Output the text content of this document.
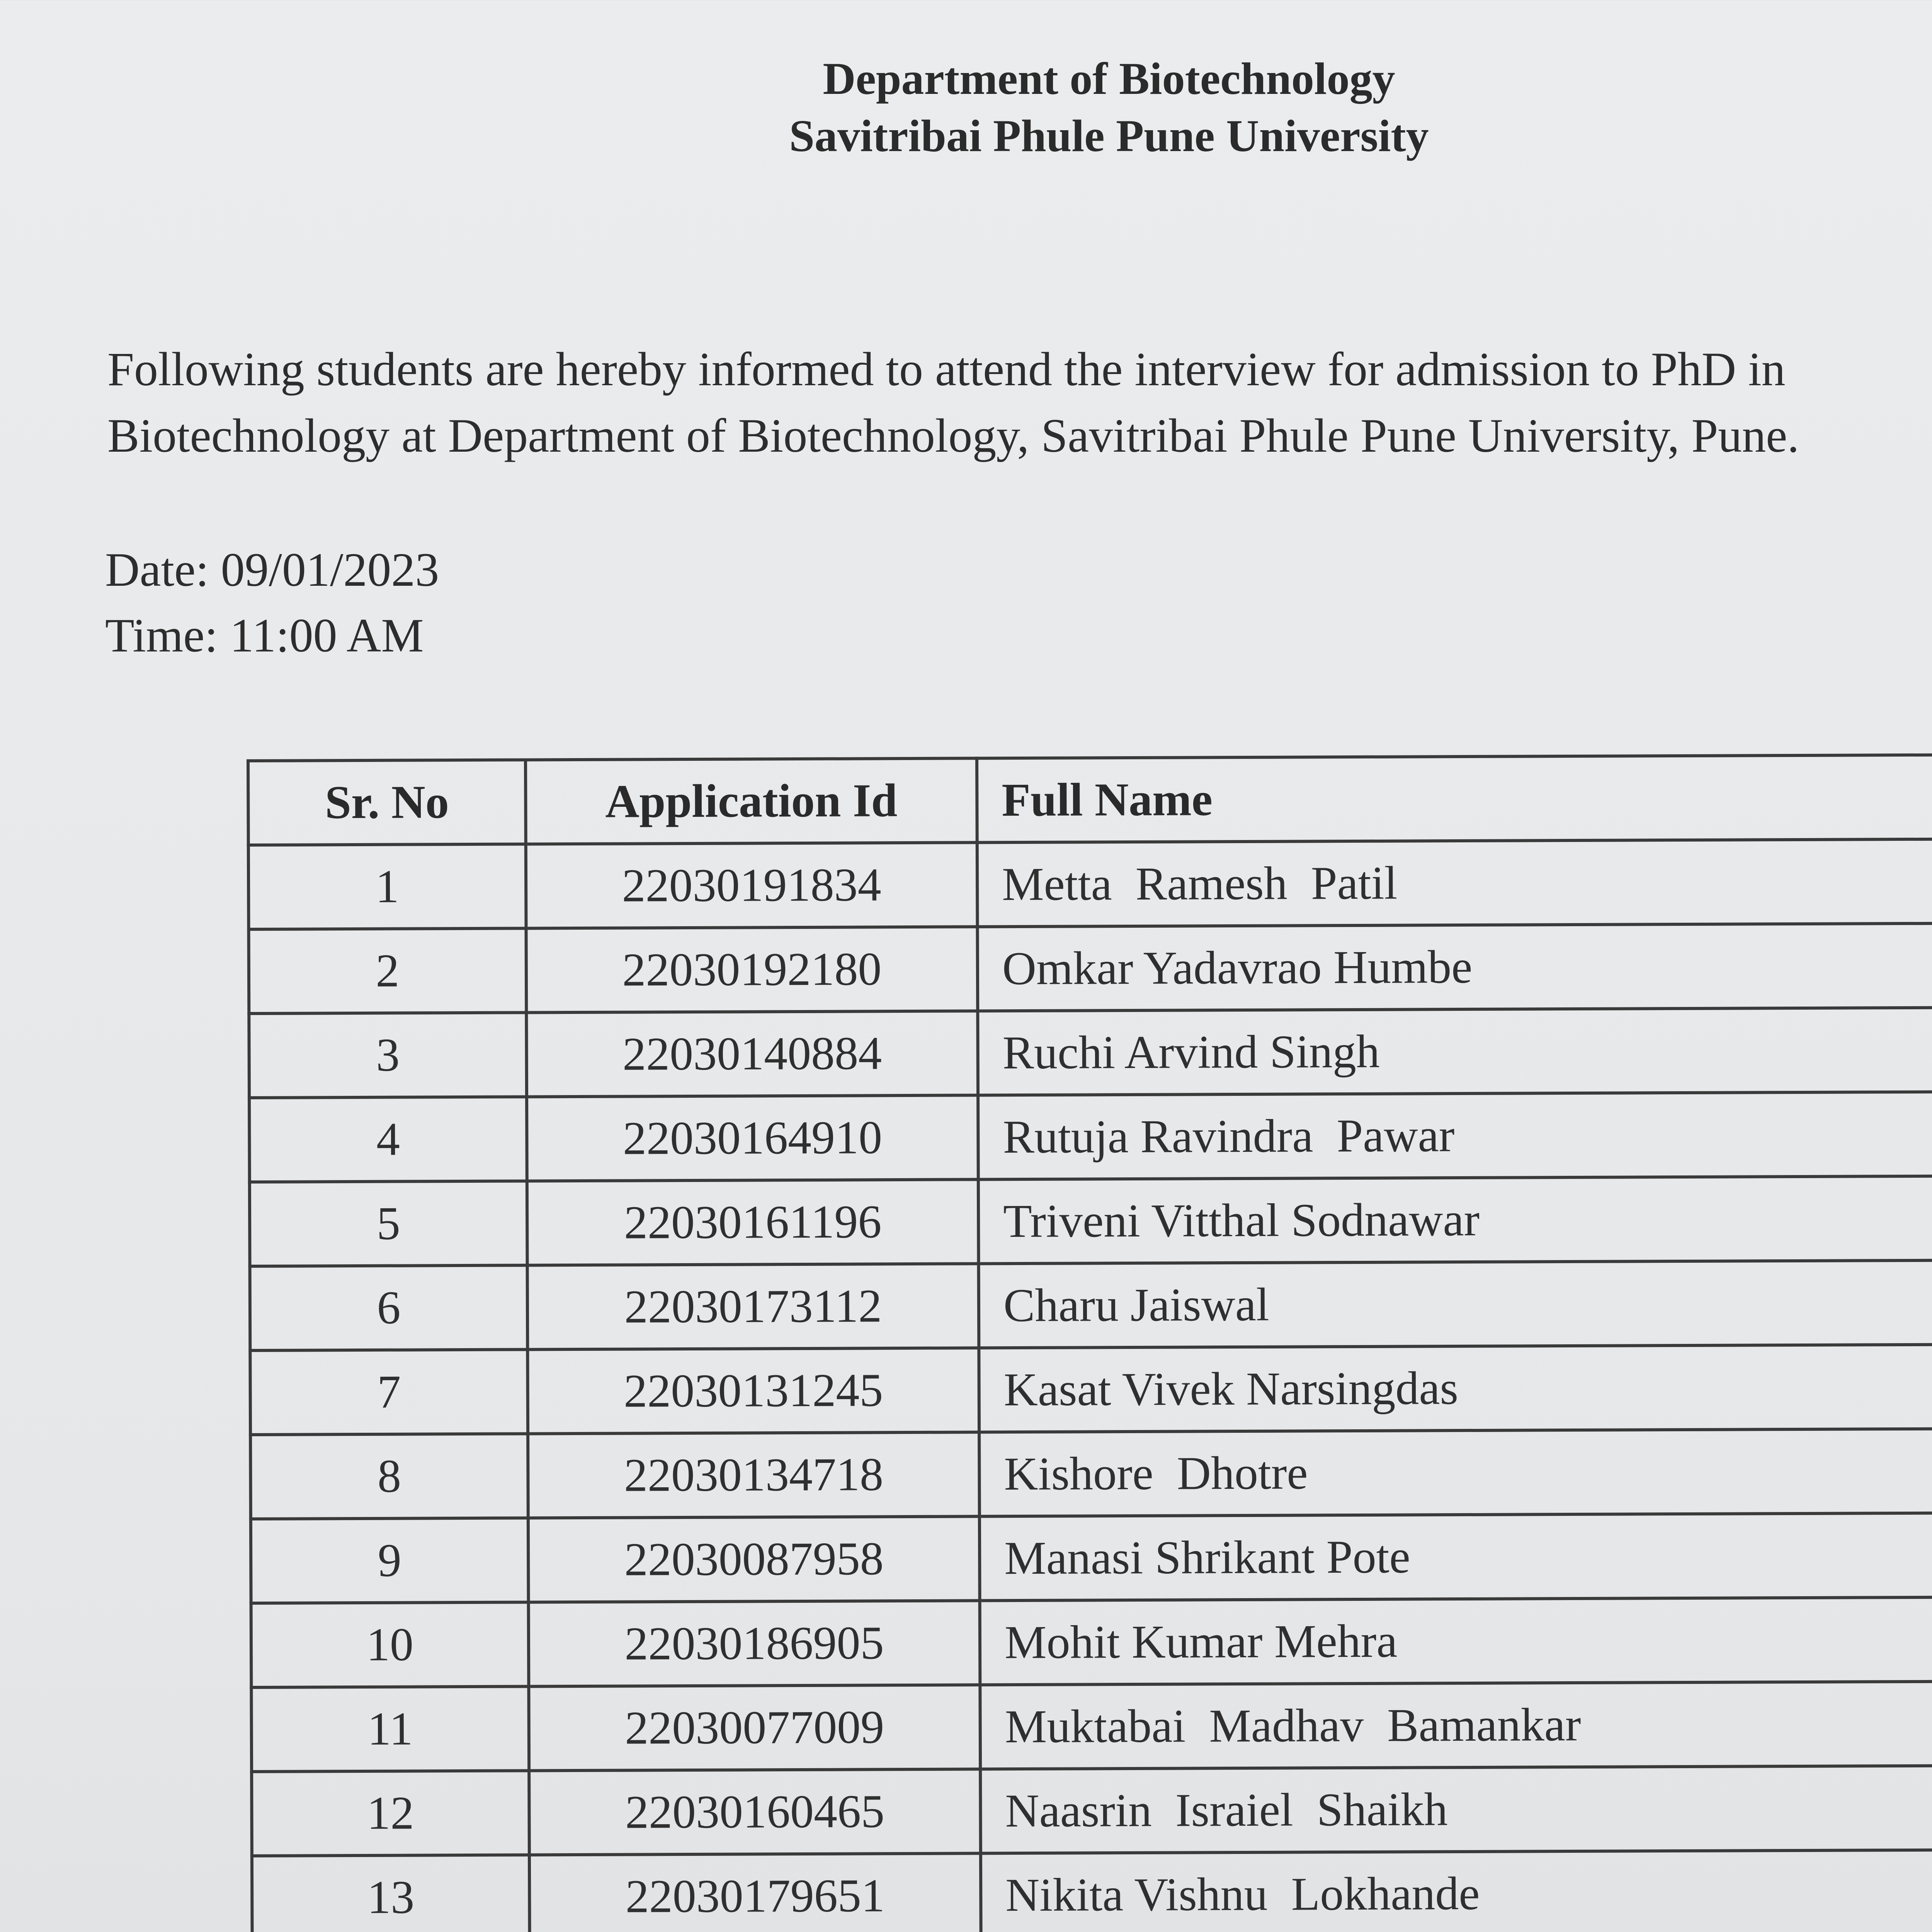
Department of Biotechnology
Savitribai Phule Pune University
Following students are hereby informed to attend the interview for admission to PhD in Biotechnology at Department of Biotechnology, Savitribai Phule Pune University, Pune.
Date: 09/01/2023
Time: 11:00 AM
Sr. No	Application Id	Full Name
1	22030191834	Metta  Ramesh  Patil
2	22030192180	Omkar Yadavrao Humbe
3	22030140884	Ruchi Arvind Singh
4	22030164910	Rutuja Ravindra  Pawar
5	22030161196	Triveni Vitthal Sodnawar
6	22030173112	Charu Jaiswal
7	22030131245	Kasat Vivek Narsingdas
8	22030134718	Kishore  Dhotre
9	22030087958	Manasi Shrikant Pote
10	22030186905	Mohit Kumar Mehra
11	22030077009	Muktabai  Madhav  Bamankar
12	22030160465	Naasrin  Israiel  Shaikh
13	22030179651	Nikita Vishnu  Lokhande
